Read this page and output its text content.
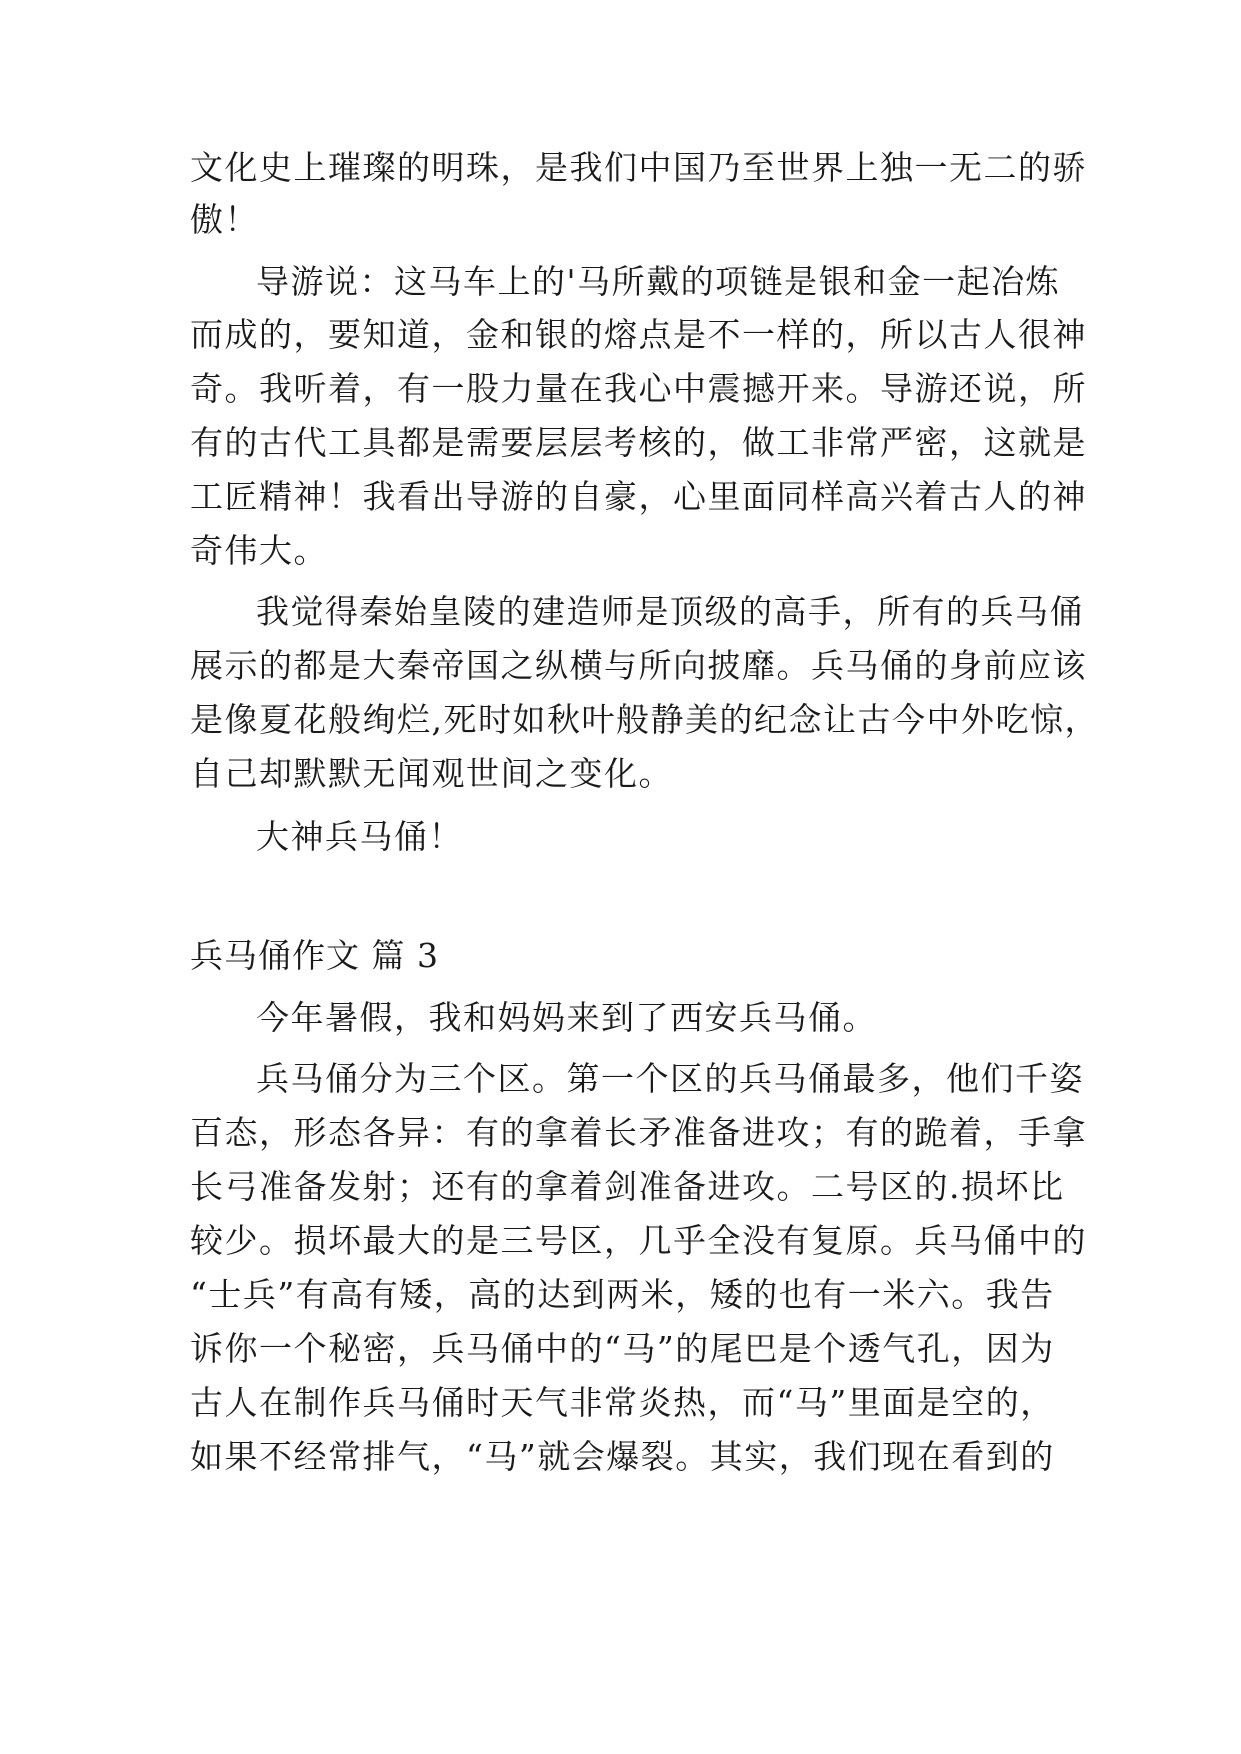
文化史上璀璨的明珠，是我们中国乃至世界上独一无二的骄
傲！
导游说：这马车上的'马所戴的项链是银和金一起冶炼
而成的，要知道，金和银的熔点是不一样的，所以古人很神
奇。我听着，有一股力量在我心中震撼开来。导游还说，所
有的古代工具都是需要层层考核的，做工非常严密，这就是
工匠精神！我看出导游的自豪，心里面同样高兴着古人的神
奇伟大。
我觉得秦始皇陵的建造师是顶级的高手，所有的兵马俑
展示的都是大秦帝国之纵横与所向披靡。兵马俑的身前应该
是像夏花般绚烂,死时如秋叶般静美的纪念让古今中外吃惊，
自己却默默无闻观世间之变化。
大神兵马俑！
兵马俑作文 篇 3
今年暑假，我和妈妈来到了西安兵马俑。
兵马俑分为三个区。第一个区的兵马俑最多，他们千姿
百态，形态各异：有的拿着长矛准备进攻；有的跪着，手拿
长弓准备发射；还有的拿着剑准备进攻。二号区的.损坏比
较少。损坏最大的是三号区，几乎全没有复原。兵马俑中的
“士兵”有高有矮，高的达到两米，矮的也有一米六。我告
诉你一个秘密，兵马俑中的“马”的尾巴是个透气孔，因为
古人在制作兵马俑时天气非常炎热，而“马”里面是空的，
如果不经常排气，“马”就会爆裂。其实，我们现在看到的
